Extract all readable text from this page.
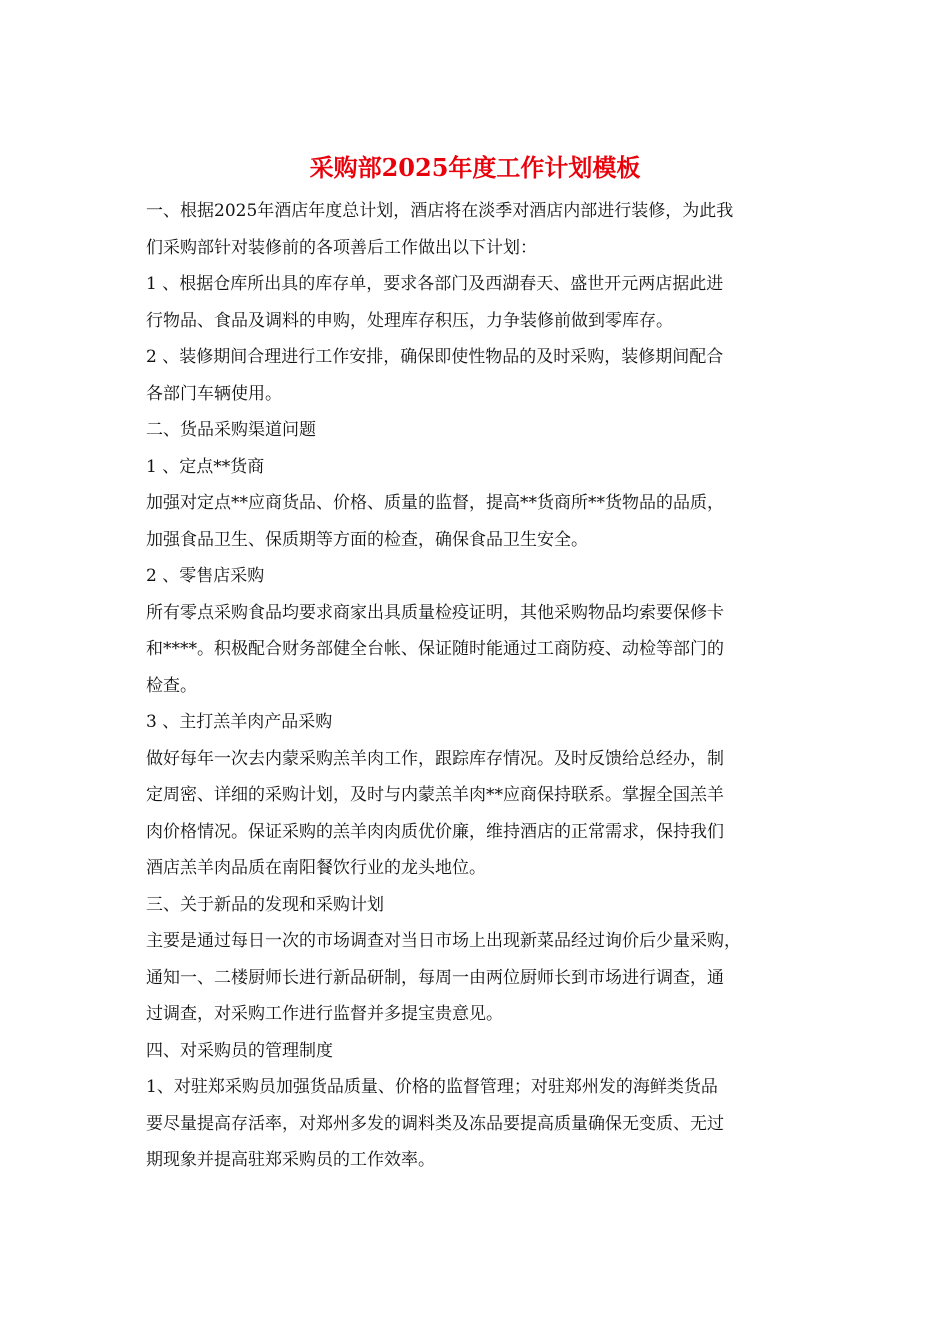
采购部2025年度工作计划模板
一、根据2025年酒店年度总计划，酒店将在淡季对酒店内部进行装修，为此我
们采购部针对装修前的各项善后工作做出以下计划：
1 、根据仓库所出具的库存单，要求各部门及西湖春天、盛世开元两店据此进
行物品、食品及调料的申购，处理库存积压，力争装修前做到零库存。
2 、装修期间合理进行工作安排，确保即使性物品的及时采购，装修期间配合
各部门车辆使用。
二、货品采购渠道问题
1 、定点**货商
加强对定点**应商货品、价格、质量的监督，提高**货商所**货物品的品质，
加强食品卫生、保质期等方面的检查，确保食品卫生安全。
2 、零售店采购
所有零点采购食品均要求商家出具质量检疫证明，其他采购物品均索要保修卡
和****。积极配合财务部健全台帐、保证随时能通过工商防疫、动检等部门的
检查。
3 、主打羔羊肉产品采购
做好每年一次去内蒙采购羔羊肉工作，跟踪库存情况。及时反馈给总经办，制
定周密、详细的采购计划，及时与内蒙羔羊肉**应商保持联系。掌握全国羔羊
肉价格情况。保证采购的羔羊肉肉质优价廉，维持酒店的正常需求，保持我们
酒店羔羊肉品质在南阳餐饮行业的龙头地位。
三、关于新品的发现和采购计划
主要是通过每日一次的市场调查对当日市场上出现新菜品经过询价后少量采购，
通知一、二楼厨师长进行新品研制，每周一由两位厨师长到市场进行调查，通
过调查，对采购工作进行监督并多提宝贵意见。
四、对采购员的管理制度
1、对驻郑采购员加强货品质量、价格的监督管理；对驻郑州发的海鲜类货品
要尽量提高存活率，对郑州多发的调料类及冻品要提高质量确保无变质、无过
期现象并提高驻郑采购员的工作效率。
